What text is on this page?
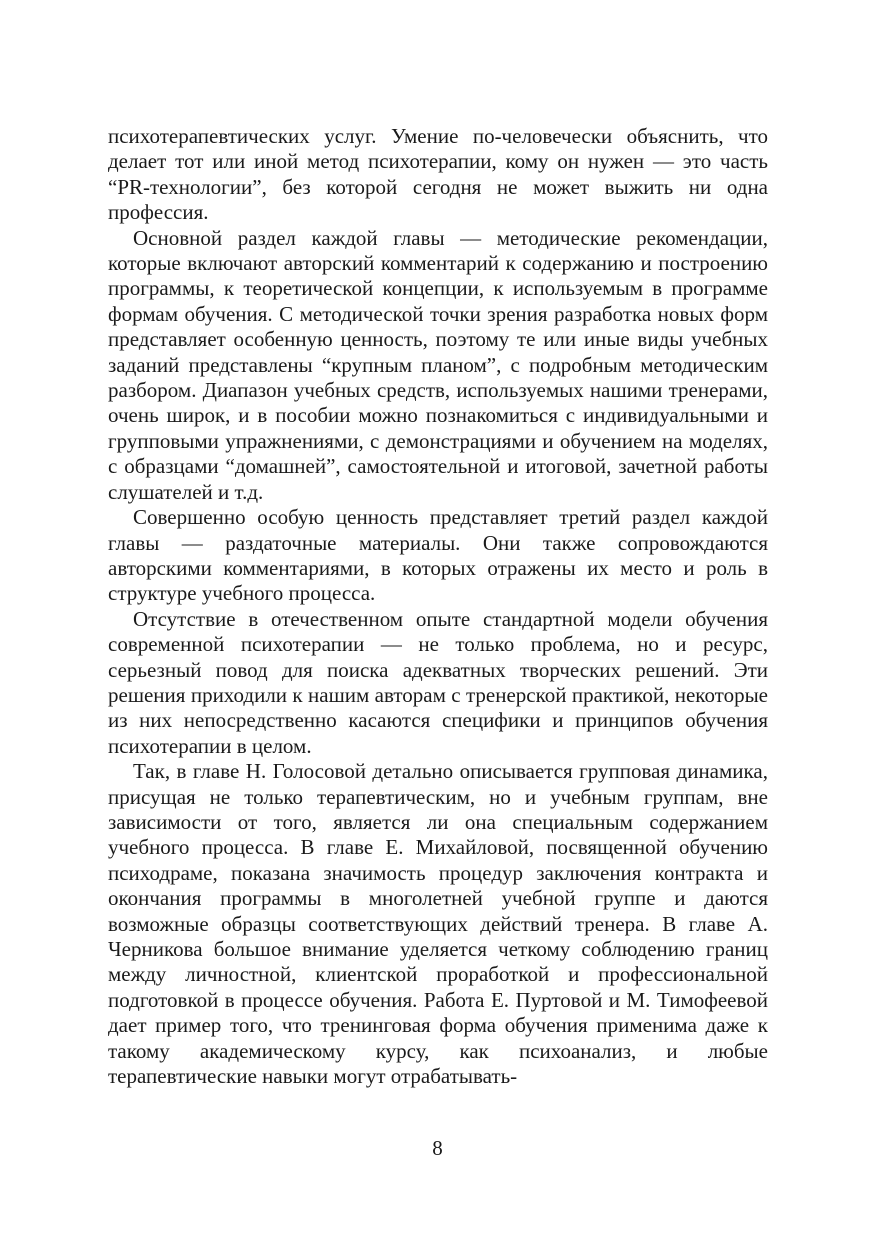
психотерапевтических услуг. Умение по-человечески объяснить, что делает тот или иной метод психотерапии, кому он нужен — это часть “PR-технологии”, без которой сегодня не может выжить ни одна профессия.

Основной раздел каждой главы — методические рекомендации, которые включают авторский комментарий к содержанию и построению программы, к теоретической концепции, к используемым в программе формам обучения. С методической точки зрения разработка новых форм представляет особенную ценность, поэтому те или иные виды учебных заданий представлены “крупным планом”, с подробным методическим разбором. Диапазон учебных средств, используемых нашими тренерами, очень широк, и в пособии можно познакомиться с индивидуальными и групповыми упражнениями, с демонстрациями и обучением на моделях, с образцами “домашней”, самостоятельной и итоговой, зачетной работы слушателей и т.д.

Совершенно особую ценность представляет третий раздел каждой главы — раздаточные материалы. Они также сопровождаются авторскими комментариями, в которых отражены их место и роль в структуре учебного процесса.

Отсутствие в отечественном опыте стандартной модели обучения современной психотерапии — не только проблема, но и ресурс, серьезный повод для поиска адекватных творческих решений. Эти решения приходили к нашим авторам с тренерской практикой, некоторые из них непосредственно касаются специфики и принципов обучения психотерапии в целом.

Так, в главе Н. Голосовой детально описывается групповая динамика, присущая не только терапевтическим, но и учебным группам, вне зависимости от того, является ли она специальным содержанием учебного процесса. В главе Е. Михайловой, посвященной обучению психодраме, показана значимость процедур заключения контракта и окончания программы в многолетней учебной группе и даются возможные образцы соответствующих действий тренера. В главе А. Черникова большое внимание уделяется четкому соблюдению границ между личностной, клиентской проработкой и профессиональной подготовкой в процессе обучения. Работа Е. Пуртовой и М. Тимофеевой дает пример того, что тренинговая форма обучения применима даже к такому академическому курсу, как психоанализ, и любые терапевтические навыки могут отрабатывать-

8
